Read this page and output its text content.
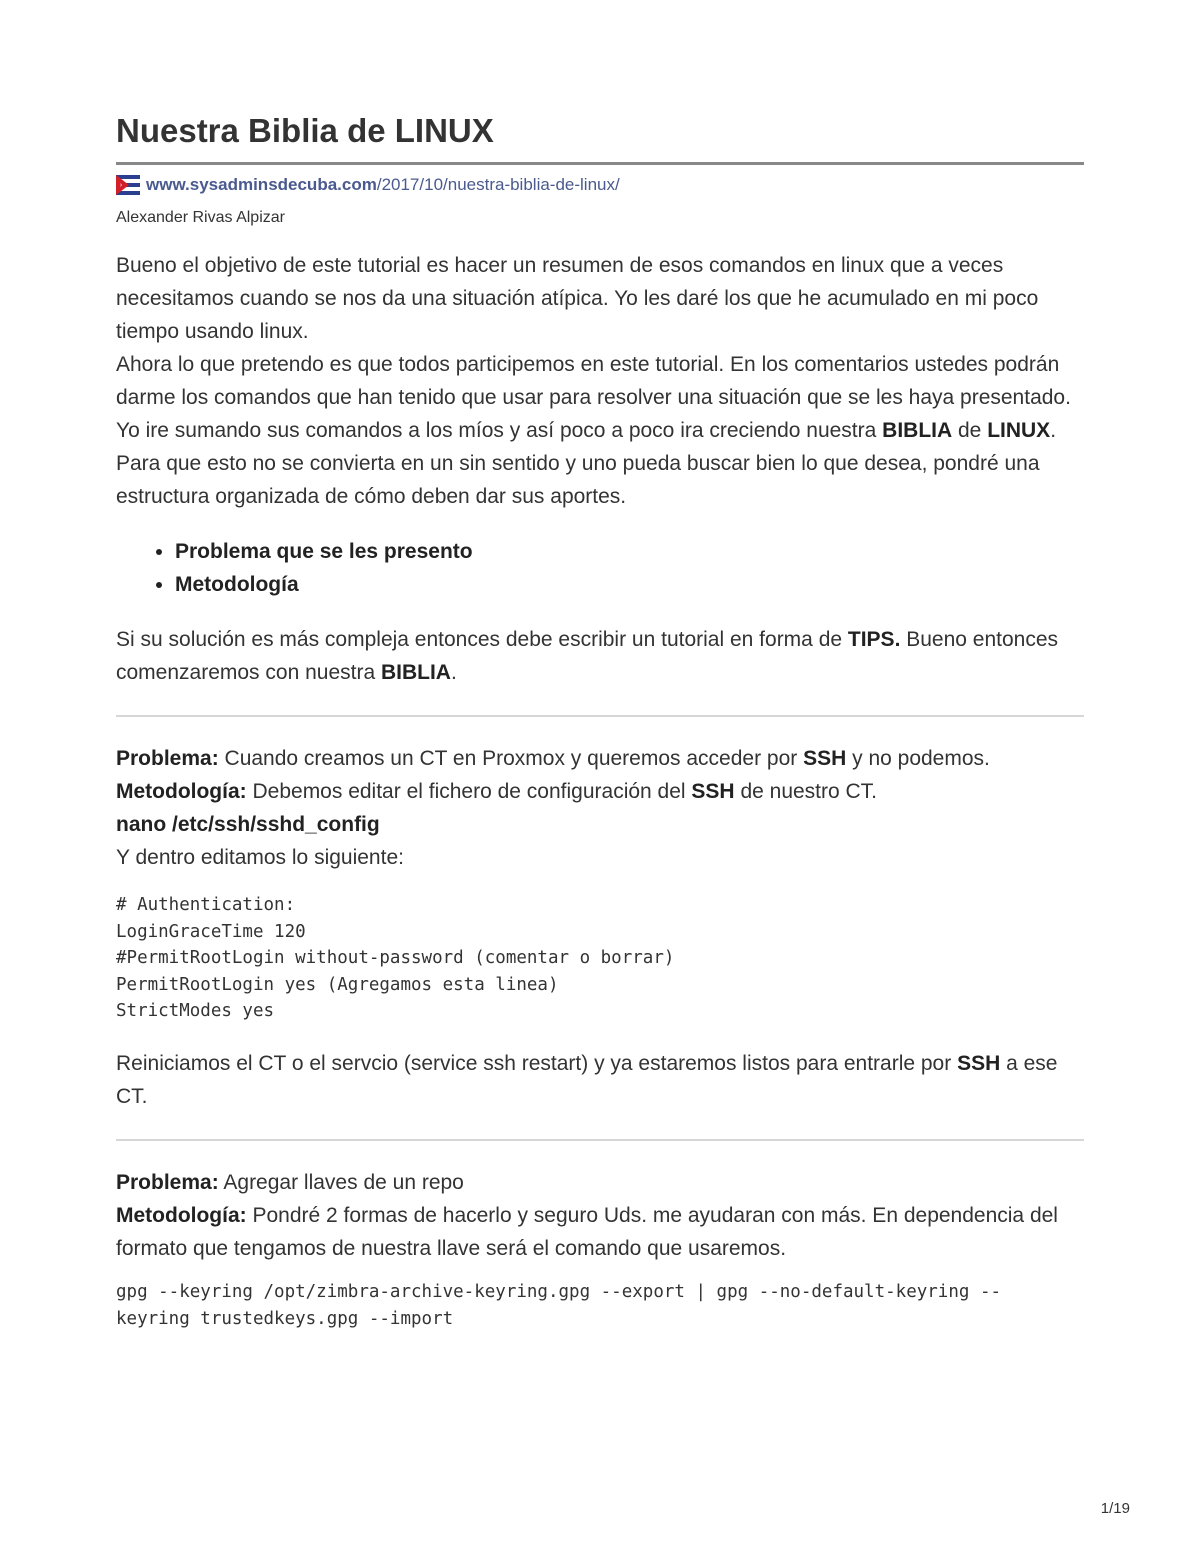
Nuestra Biblia de LINUX
www.sysadminsdecuba.com /2017/10/nuestra-biblia-de-linux/
Alexander Rivas Alpizar

Bueno el objetivo de este tutorial es hacer un resumen de esos comandos en linux que a veces necesitamos cuando se nos da una situación atípica. Yo les daré los que he acumulado en mi poco tiempo usando linux.

Ahora lo que pretendo es que todos participemos en este tutorial. En los comentarios ustedes podrán darme los comandos que han tenido que usar para resolver una situación que se les haya presentado. Yo ire sumando sus comandos a los míos y así poco a poco ira creciendo nuestra BIBLIA de LINUX.

Para que esto no se convierta en un sin sentido y uno pueda buscar bien lo que desea, pondré una estructura organizada de cómo deben dar sus aportes.

• Problema que se les presento
• Metodología

Si su solución es más compleja entonces debe escribir un tutorial en forma de TIPS. Bueno entonces comenzaremos con nuestra BIBLIA.

Problema: Cuando creamos un CT en Proxmox y queremos acceder por SSH y no podemos.

Metodología: Debemos editar el fichero de configuración del SSH de nuestro CT.

nano /etc/ssh/sshd_config

Y dentro editamos lo siguiente:

# Authentication:
LoginGraceTime 120
#PermitRootLogin without-password (comentar o borrar)
PermitRootLogin yes (Agregamos esta linea)
StrictModes yes

Reiniciamos el CT o el servcio (service ssh restart) y ya estaremos listos para entrarle por SSH a ese CT.

Problema: Agregar llaves de un repo

Metodología: Pondré 2 formas de hacerlo y seguro Uds. me ayudaran con más. En dependencia del formato que tengamos de nuestra llave será el comando que usaremos.

gpg --keyring /opt/zimbra-archive-keyring.gpg --export | gpg --no-default-keyring --
keyring trustedkeys.gpg --import
1/19
